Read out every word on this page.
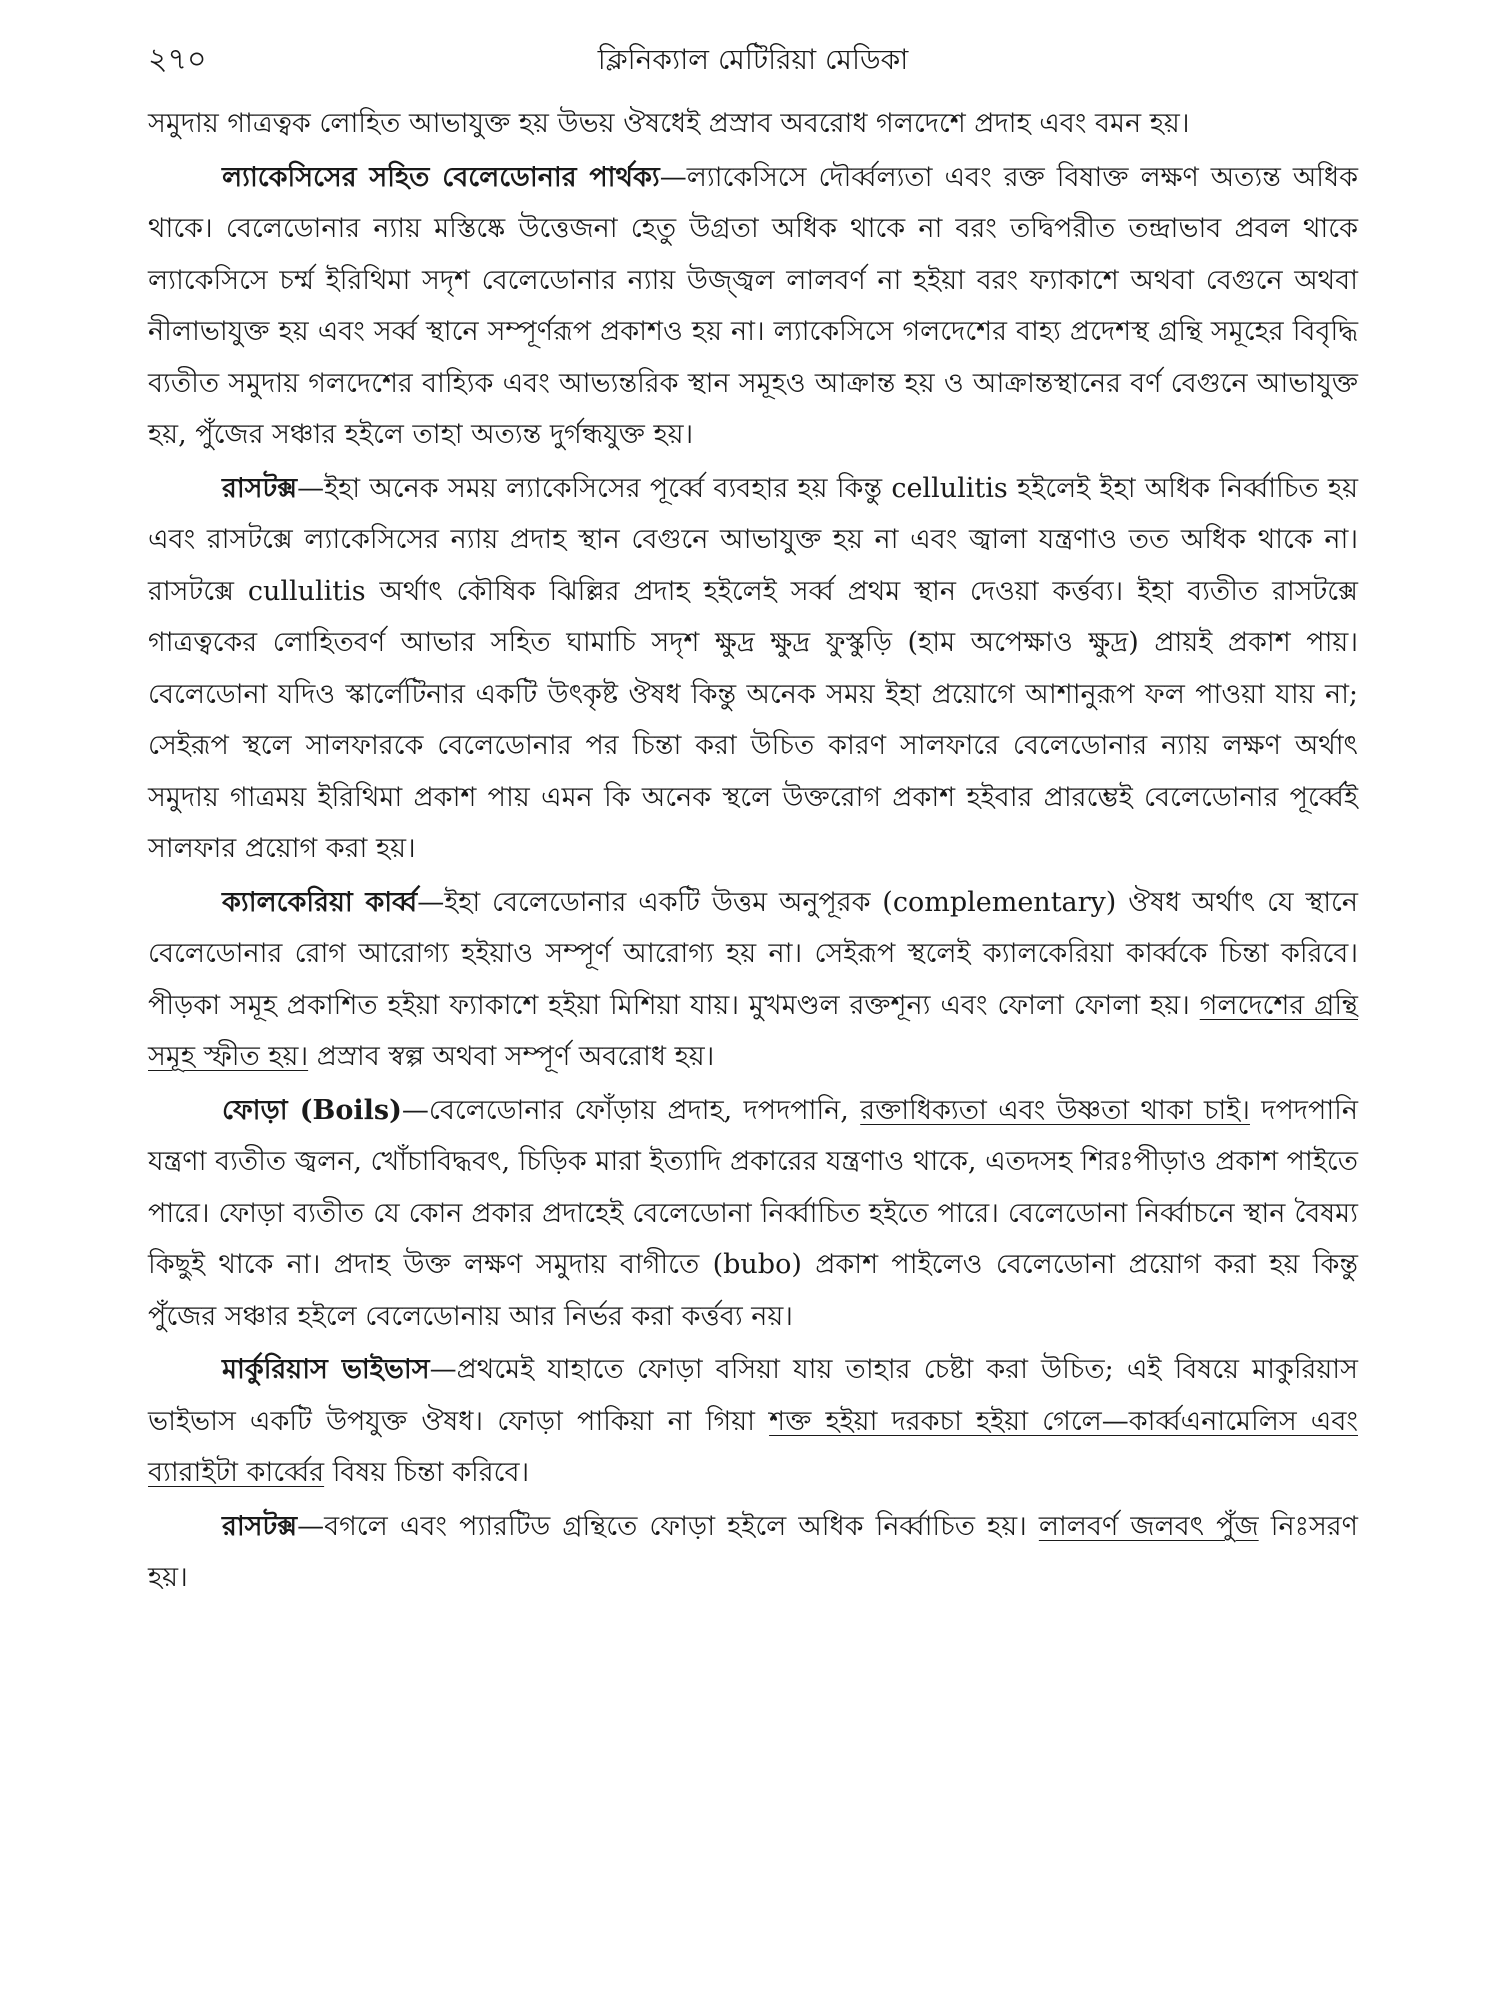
২৭০	ক্লিনিক্যাল মেটিরিয়া মেডিকা

সমুদায় গাত্রত্বক লোহিত আভাযুক্ত হয় উভয় ঔষধেই প্রস্রাব অবরোধ গলদেশে প্রদাহ এবং বমন হয়।

ল্যাকেসিসের সহিত বেলেডোনার পার্থক্য—ল্যাকেসিসে দৌর্ব্বল্যতা এবং রক্ত বিষাক্ত লক্ষণ অত্যন্ত অধিক থাকে। বেলেডোনার ন্যায় মস্তিষ্কে উত্তেজনা হেতু উগ্রতা অধিক থাকে না বরং তদ্বিপরীত তন্দ্রাভাব প্রবল থাকে ল্যাকেসিসে চর্ম্ম ইরিথিমা সদৃশ বেলেডোনার ন্যায় উজ্জ্বল লালবর্ণ না হইয়া বরং ফ্যাকাশে অথবা বেগুনে অথবা নীলাভাযুক্ত হয় এবং সর্ব্ব স্থানে সম্পূর্ণরূপ প্রকাশও হয় না। ল্যাকেসিসে গলদেশের বাহ্য প্রদেশস্থ গ্রন্থি সমূহের বিবৃদ্ধি ব্যতীত সমুদায় গলদেশের বাহ্যিক এবং আভ্যন্তরিক স্থান সমূহও আক্রান্ত হয় ও আক্রান্তস্থানের বর্ণ বেগুনে আভাযুক্ত হয়, পুঁজের সঞ্চার হইলে তাহা অত্যন্ত দুর্গন্ধযুক্ত হয়।

রাসটক্স—ইহা অনেক সময় ল্যাকেসিসের পূর্ব্বে ব্যবহার হয় কিন্তু cellulitis হইলেই ইহা অধিক নির্ব্বাচিত হয় এবং রাসটক্সে ল্যাকেসিসের ন্যায় প্রদাহ স্থান বেগুনে আভাযুক্ত হয় না এবং জ্বালা যন্ত্রণাও তত অধিক থাকে না। রাসটক্সে cullulitis অর্থাৎ কৌষিক ঝিল্লির প্রদাহ হইলেই সর্ব্ব প্রথম স্থান দেওয়া কর্ত্তব্য। ইহা ব্যতীত রাসটক্সে গাত্রত্বকের লোহিতবর্ণ আভার সহিত ঘামাচি সদৃশ ক্ষুদ্র ক্ষুদ্র ফুস্কুড়ি (হাম অপেক্ষাও ক্ষুদ্র) প্রায়ই প্রকাশ পায়। বেলেডোনা যদিও স্কার্লেটিনার একটি উৎকৃষ্ট ঔষধ কিন্তু অনেক সময় ইহা প্রয়োগে আশানুরূপ ফল পাওয়া যায় না; সেইরূপ স্থলে সালফারকে বেলেডোনার পর চিন্তা করা উচিত কারণ সালফারে বেলেডোনার ন্যায় লক্ষণ অর্থাৎ সমুদায় গাত্রময় ইরিথিমা প্রকাশ পায় এমন কি অনেক স্থলে উক্তরোগ প্রকাশ হইবার প্রারম্ভেই বেলেডোনার পূর্ব্বেই সালফার প্রয়োগ করা হয়।

ক্যালকেরিয়া কার্ব্ব—ইহা বেলেডোনার একটি উত্তম অনুপূরক (complementary) ঔষধ অর্থাৎ যে স্থানে বেলেডোনার রোগ আরোগ্য হইয়াও সম্পূর্ণ আরোগ্য হয় না। সেইরূপ স্থলেই ক্যালকেরিয়া কার্ব্বকে চিন্তা করিবে। পীড়কা সমূহ প্রকাশিত হইয়া ফ্যাকাশে হইয়া মিশিয়া যায়। মুখমণ্ডল রক্তশূন্য এবং ফোলা ফোলা হয়। গলদেশের গ্রন্থি সমূহ স্ফীত হয়। প্রস্রাব স্বল্প অথবা সম্পূর্ণ অবরোধ হয়।

ফোড়া (Boils)—বেলেডোনার ফোঁড়ায় প্রদাহ, দপদপানি, রক্তাধিক্যতা এবং উষ্ণতা থাকা চাই। দপদপানি যন্ত্রণা ব্যতীত জ্বলন, খোঁচাবিদ্ধবৎ, চিড়িক মারা ইত্যাদি প্রকারের যন্ত্রণাও থাকে, এতদসহ শিরঃপীড়াও প্রকাশ পাইতে পারে। ফোড়া ব্যতীত যে কোন প্রকার প্রদাহেই বেলেডোনা নির্ব্বাচিত হইতে পারে। বেলেডোনা নির্ব্বাচনে স্থান বৈষম্য কিছুই থাকে না। প্রদাহ উক্ত লক্ষণ সমুদায় বাগীতে (bubo) প্রকাশ পাইলেও বেলেডোনা প্রয়োগ করা হয় কিন্তু পুঁজের সঞ্চার হইলে বেলেডোনায় আর নির্ভর করা কর্ত্তব্য নয়।

মার্কুরিয়াস ভাইভাস—প্রথমেই যাহাতে ফোড়া বসিয়া যায় তাহার চেষ্টা করা উচিত; এই বিষয়ে মাকুরিয়াস ভাইভাস একটি উপযুক্ত ঔষধ। ফোড়া পাকিয়া না গিয়া শক্ত হইয়া দরকচা হইয়া গেলে—কার্ব্বএনামেলিস এবং ব্যারাইটা কার্ব্বের বিষয় চিন্তা করিবে।

রাসটক্স—বগলে এবং প্যারটিড গ্রন্থিতে ফোড়া হইলে অধিক নির্ব্বাচিত হয়। লালবর্ণ জলবৎ পুঁজ নিঃসরণ হয়।
